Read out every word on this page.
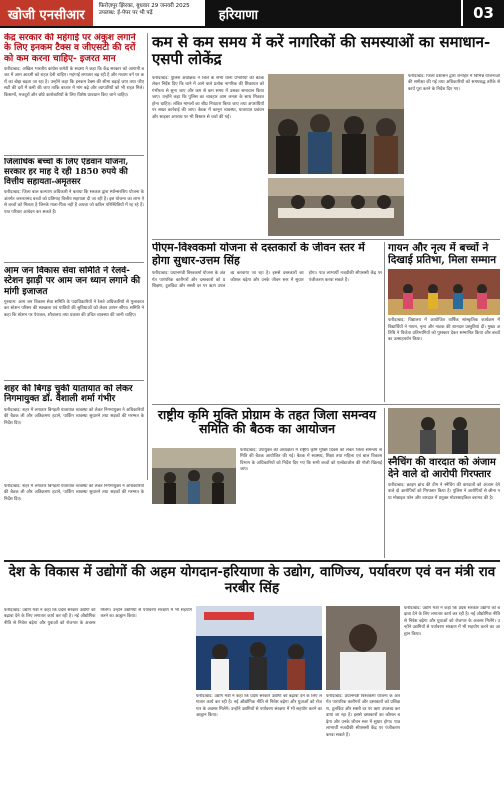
खोजी एनसीआर
फ़िरोज़पुर झिरका, बुधवार 29 जनवरी 2025
उपलब्ध: ई-पेपर पर भी पढ़ें	हरियाणा	03
केंद्र सरकार की महंगाई पर अंकुश लगाने के लिए इनकम टैक्स व जीएसटी की दरों को कम करना चाहिए- इजरत मान
फरीदाबाद: अखिल भारतीय कांग्रेस कमेटी के सदस्य ने कहा कि केंद्र सरकार को आगामी बजट में आम आदमी को राहत देनी चाहिए। महंगाई लगातार बढ़ रही है और मध्यम वर्ग पर करों का बोझ बढ़ता जा रहा है। उन्होंने कहा कि इनकम टैक्स की सीमा बढ़ाई जाए तथा जीएसटी की दरों में कमी की जाए ताकि बाजार में मांग बढ़े और व्यापारियों को भी राहत मिले। किसानों, मजदूरों और छोटे कारोबारियों के लिए विशेष प्रावधान किए जाने चाहिए।
जिलाधिक बच्चों के लिए ऐडवान योजना, सरकार हर माह दे रही 1850 रुपये की वित्तीय सहायता-अमृतसर
फरीदाबाद: जिला बाल कल्याण अधिकारी ने बताया कि सरकार द्वारा स्पॉन्सरशिप योजना के अंतर्गत जरूरतमंद बच्चों को प्रतिमाह वित्तीय सहायता दी जा रही है। इस योजना का लाभ ऐसे बच्चों को मिलता है जिनके माता-पिता नहीं हैं अथवा जो कठिन परिस्थितियों में रह रहे हैं। पात्र परिवार आवेदन कर सकते हैं।
आम जन विकास सेवा समिति ने रेलवे-स्टेशन झाड़ी पर आम जन ध्यान लगाने की मांगी इजाजत
गुरुग्राम: आम जन विकास सेवा समिति के पदाधिकारियों ने रेलवे अधिकारियों से मुलाकात कर स्टेशन परिसर की स्वच्छता एवं यात्रियों की सुविधाओं को लेकर ज्ञापन सौंपा। समिति ने कहा कि स्टेशन पर पेयजल, शौचालय तथा प्रकाश की उचित व्यवस्था की जानी चाहिए।
शहर की बिगड़ चुकी यातायात को लेकर निगमायुक्त डॉ. वैशाली शर्मा गंभीर
फरीदाबाद: शहर में लगातार बिगड़ती यातायात व्यवस्था को लेकर निगमायुक्त ने अधिकारियों की बैठक ली और अतिक्रमण हटाने, पार्किंग व्यवस्था सुधारने तथा सड़कों की मरम्मत के निर्देश दिए।
कम से कम समय में करें नागरिकों की समस्याओं का समाधान-एसपी लोकेंद्र
फरीदाबाद: पुलिस अधीक्षक ने जिले के सभी थाना प्रभारियों की बैठक लेकर निर्देश दिए कि थाने में आने वाले प्रत्येक नागरिक की शिकायत को गंभीरता से सुना जाए और कम से कम समय में उसका समाधान किया जाए। उन्होंने कहा कि पुलिस का व्यवहार आम जनता के साथ मित्रवत होना चाहिए। लंबित मामलों का शीघ्र निपटारा किया जाए तथा अपराधियों पर सख्त कार्रवाई की जाए। बैठक में कानून व्यवस्था, यातायात प्रबंधन और साइबर अपराध पर भी विस्तार से चर्चा की गई।
फरीदाबाद: जिला प्रशासन द्वारा जनहित में विभिन्न योजनाओं की समीक्षा की गई तथा अधिकारियों को समयबद्ध तरीके से कार्य पूरा करने के निर्देश दिए गए।
पीएम-विश्वकर्मा योजना से दस्तकारों के जीवन स्तर में होगा सुधार-उत्तम सिंह
फरीदाबाद: प्रधानमंत्री विश्वकर्मा योजना के अंतर्गत पारंपरिक कारीगरों और दस्तकारों को प्रशिक्षण, टूलकिट और सस्ती दर पर ऋण उपलब्ध करवाया जा रहा है। इससे दस्तकारों का कौशल बढ़ेगा और उनके जीवन स्तर में सुधार होगा। पात्र लाभार्थी नजदीकी सीएससी केंद्र पर पंजीकरण करवा सकते हैं।
गायन और नृत्य में बच्चों ने दिखाई प्रतिभा, मिला सम्मान
फरीदाबाद: विद्यालय में आयोजित वार्षिक सांस्कृतिक कार्यक्रम में विद्यार्थियों ने गायन, नृत्य और नाटक की शानदार प्रस्तुतियां दीं। मुख्य अतिथि ने विजेता प्रतिभागियों को पुरस्कार देकर सम्मानित किया और बच्चों का उत्साहवर्धन किया।
राष्ट्रीय कृमि मुक्ति प्रोग्राम के तहत जिला समन्वय समिति की बैठक का आयोजन
फरीदाबाद: उपायुक्त की अध्यक्षता में राष्ट्रीय कृमि मुक्ति दिवस को लेकर जिला समन्वय समिति की बैठक आयोजित की गई। बैठक में स्वास्थ्य, शिक्षा तथा महिला एवं बाल विकास विभाग के अधिकारियों को निर्देश दिए गए कि सभी बच्चों को एल्बेंडाजोल की गोली खिलाई जाए।
स्नैचिंग की वारदात को अंजाम देने वाले दो आरोपी गिरफ्तार
फरीदाबाद: क्राइम ब्रांच की टीम ने स्नैचिंग की वारदातों को अंजाम देने वाले दो आरोपियों को गिरफ्तार किया है। पुलिस ने आरोपियों से छीना गया मोबाइल फोन और वारदात में प्रयुक्त मोटरसाइकिल बरामद की है।
फरीदाबाद: शहर में लगातार बिगड़ती यातायात व्यवस्था को लेकर निगमायुक्त ने अधिकारियों की बैठक ली और अतिक्रमण हटाने, पार्किंग व्यवस्था सुधारने तथा सड़कों की मरम्मत के निर्देश दिए।
देश के विकास में उद्योगों की अहम योगदान-हरियाणा के उद्योग, वाणिज्य, पर्यावरण एवं वन मंत्री राव नरबीर सिंह
फरीदाबाद: उद्योग मंत्री ने कहा कि प्रदेश सरकार उद्योगों को बढ़ावा देने के लिए लगातार कार्य कर रही है। नई औद्योगिक नीति से निवेश बढ़ेगा और युवाओं को रोजगार के अवसर मिलेंगे। उन्होंने उद्यमियों से पर्यावरण संरक्षण में भी सहयोग करने का आह्वान किया।
फरीदाबाद: उद्योग मंत्री ने कहा कि प्रदेश सरकार उद्योगों को बढ़ावा देने के लिए लगातार कार्य कर रही है। नई औद्योगिक नीति से निवेश बढ़ेगा और युवाओं को रोजगार के अवसर मिलेंगे। उन्होंने उद्यमियों से पर्यावरण संरक्षण में भी सहयोग करने का आह्वान किया।
फरीदाबाद: उद्योग मंत्री ने कहा कि प्रदेश सरकार उद्योगों को बढ़ावा देने के लिए लगातार कार्य कर रही है। नई औद्योगिक नीति से निवेश बढ़ेगा और युवाओं को रोजगार के अवसर मिलेंगे। उन्होंने उद्यमियों से पर्यावरण संरक्षण में भी सहयोग करने का आह्वान किया।
फरीदाबाद: प्रधानमंत्री विश्वकर्मा योजना के अंतर्गत पारंपरिक कारीगरों और दस्तकारों को प्रशिक्षण, टूलकिट और सस्ती दर पर ऋण उपलब्ध करवाया जा रहा है। इससे दस्तकारों का कौशल बढ़ेगा और उनके जीवन स्तर में सुधार होगा। पात्र लाभार्थी नजदीकी सीएससी केंद्र पर पंजीकरण करवा सकते हैं।
